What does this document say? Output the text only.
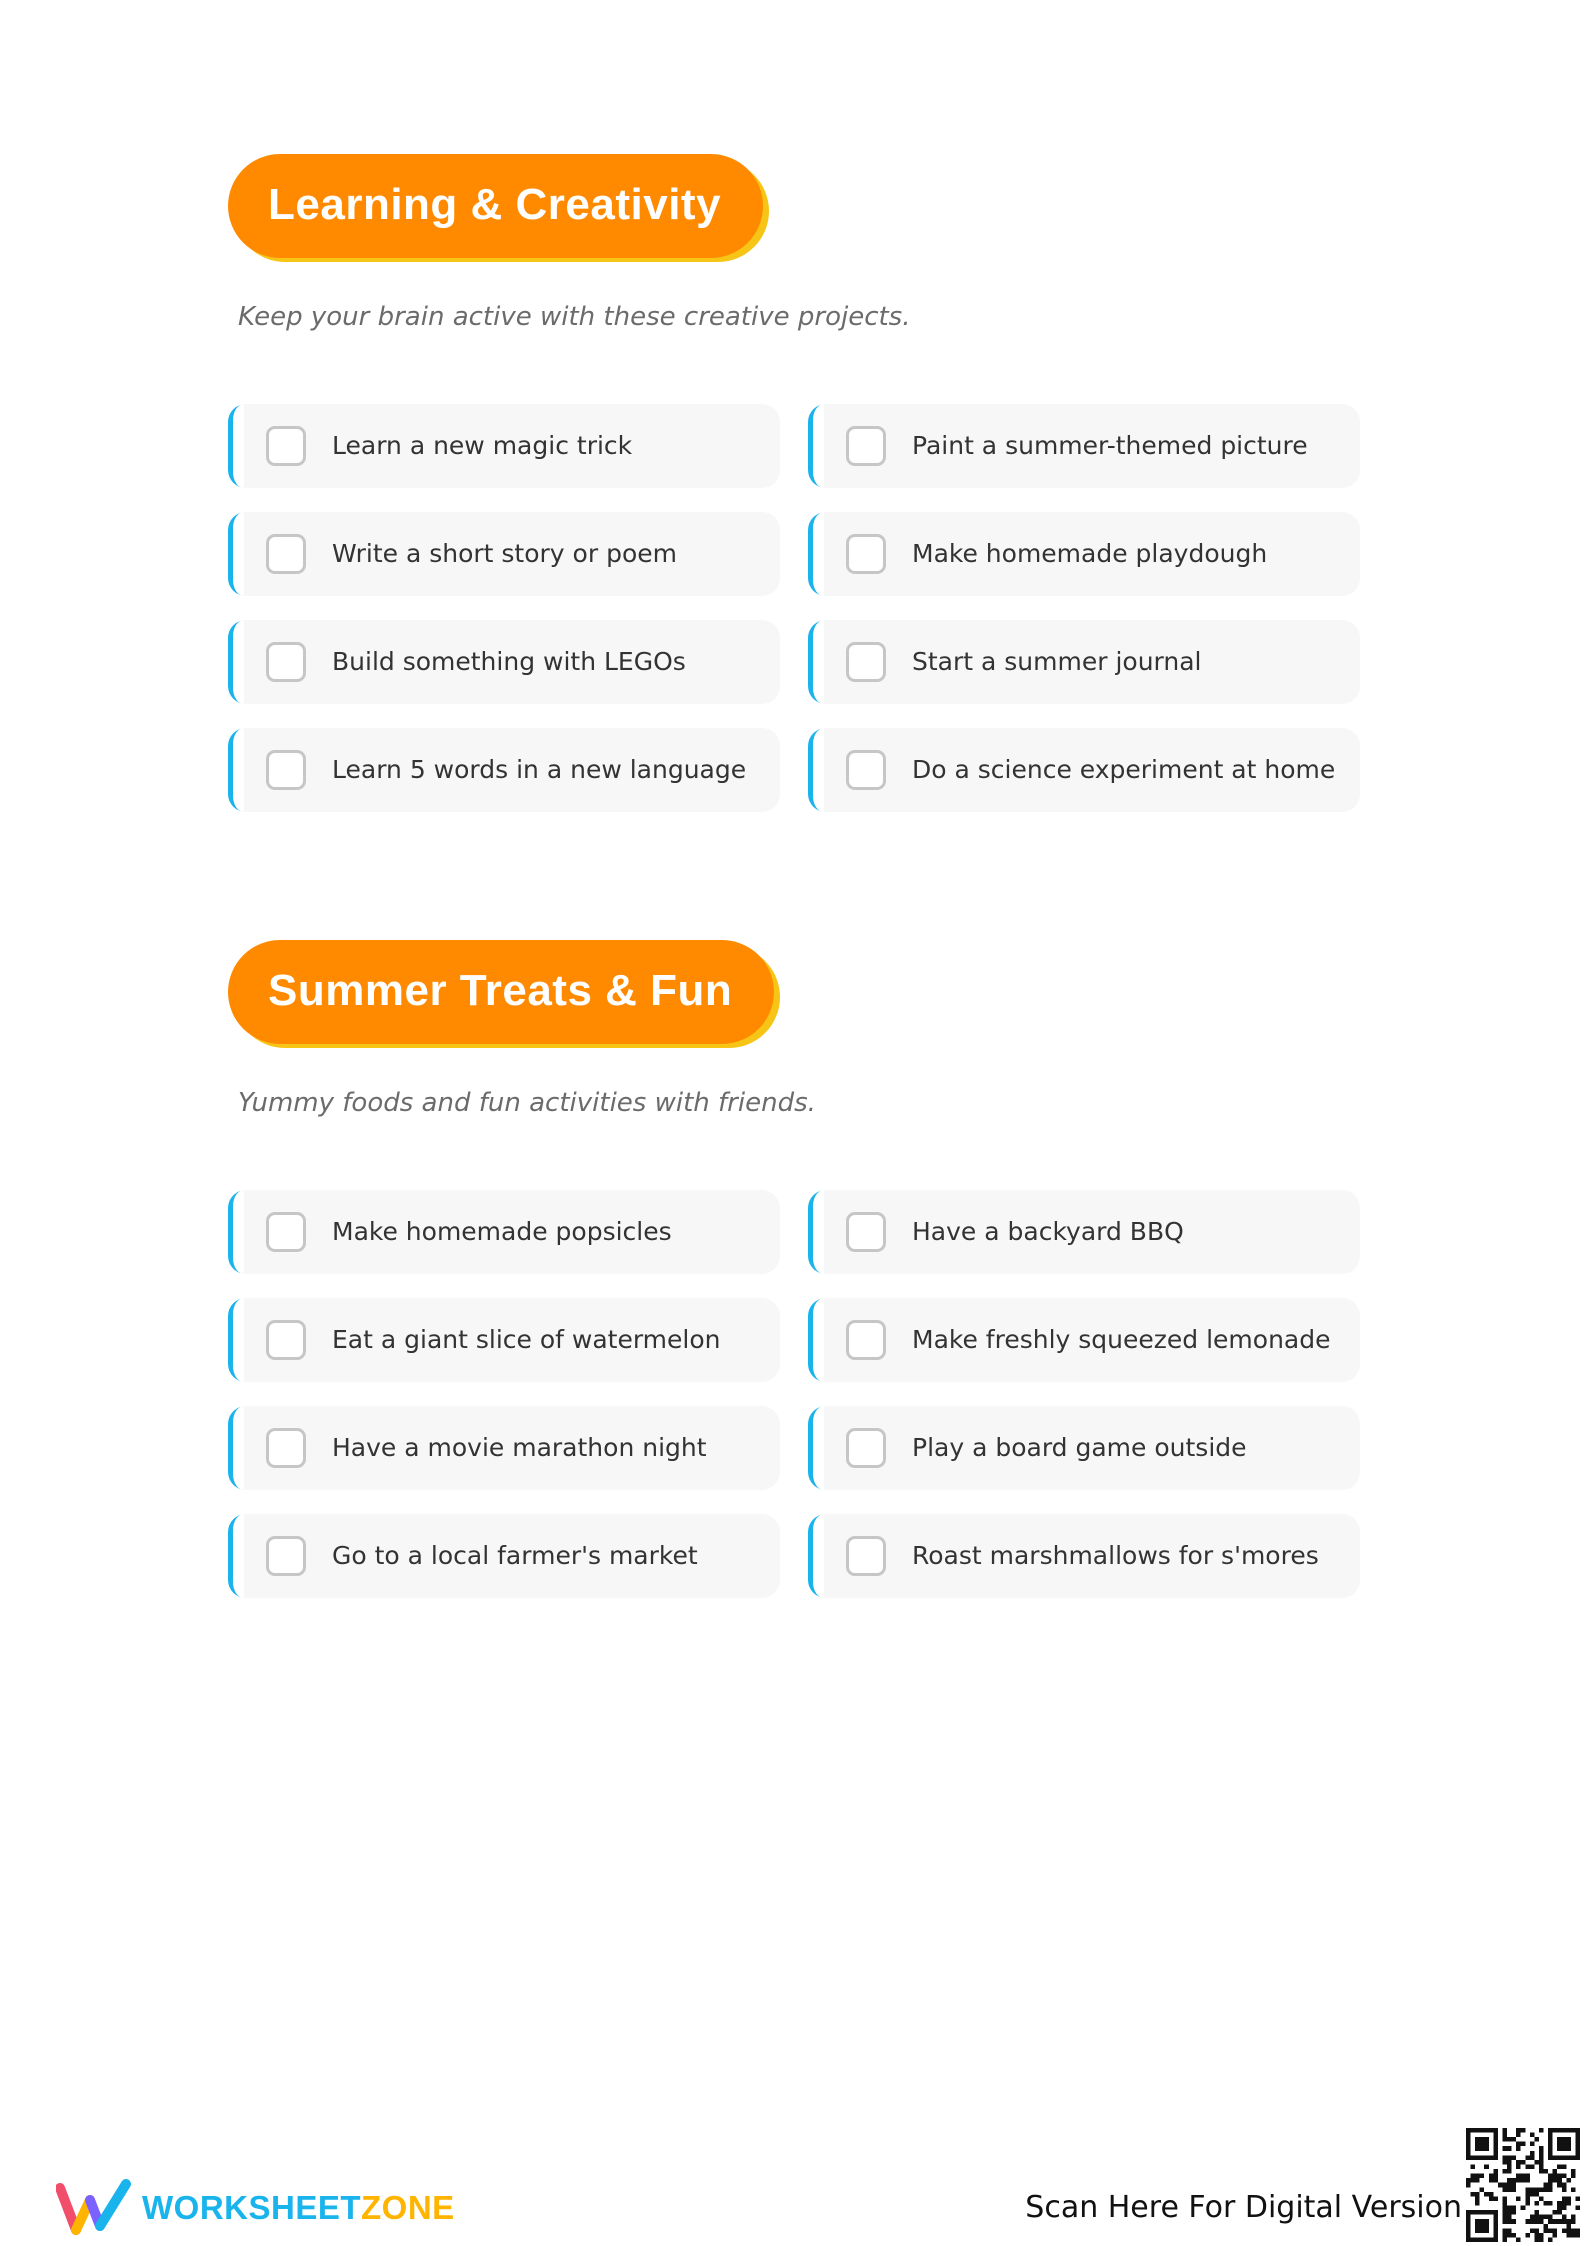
Learning & Creativity
Keep your brain active with these creative projects.
Learn a new magic trick	Paint a summer-themed picture
Write a short story or poem	Make homemade playdough
Build something with LEGOs	Start a summer journal
Learn 5 words in a new language	Do a science experiment at home
Summer Treats & Fun
Yummy foods and fun activities with friends.
Make homemade popsicles	Have a backyard BBQ
Eat a giant slice of watermelon	Make freshly squeezed lemonade
Have a movie marathon night	Play a board game outside
Go to a local farmer's market	Roast marshmallows for s'mores
WORKSHEETZONE	Scan Here For Digital Version
